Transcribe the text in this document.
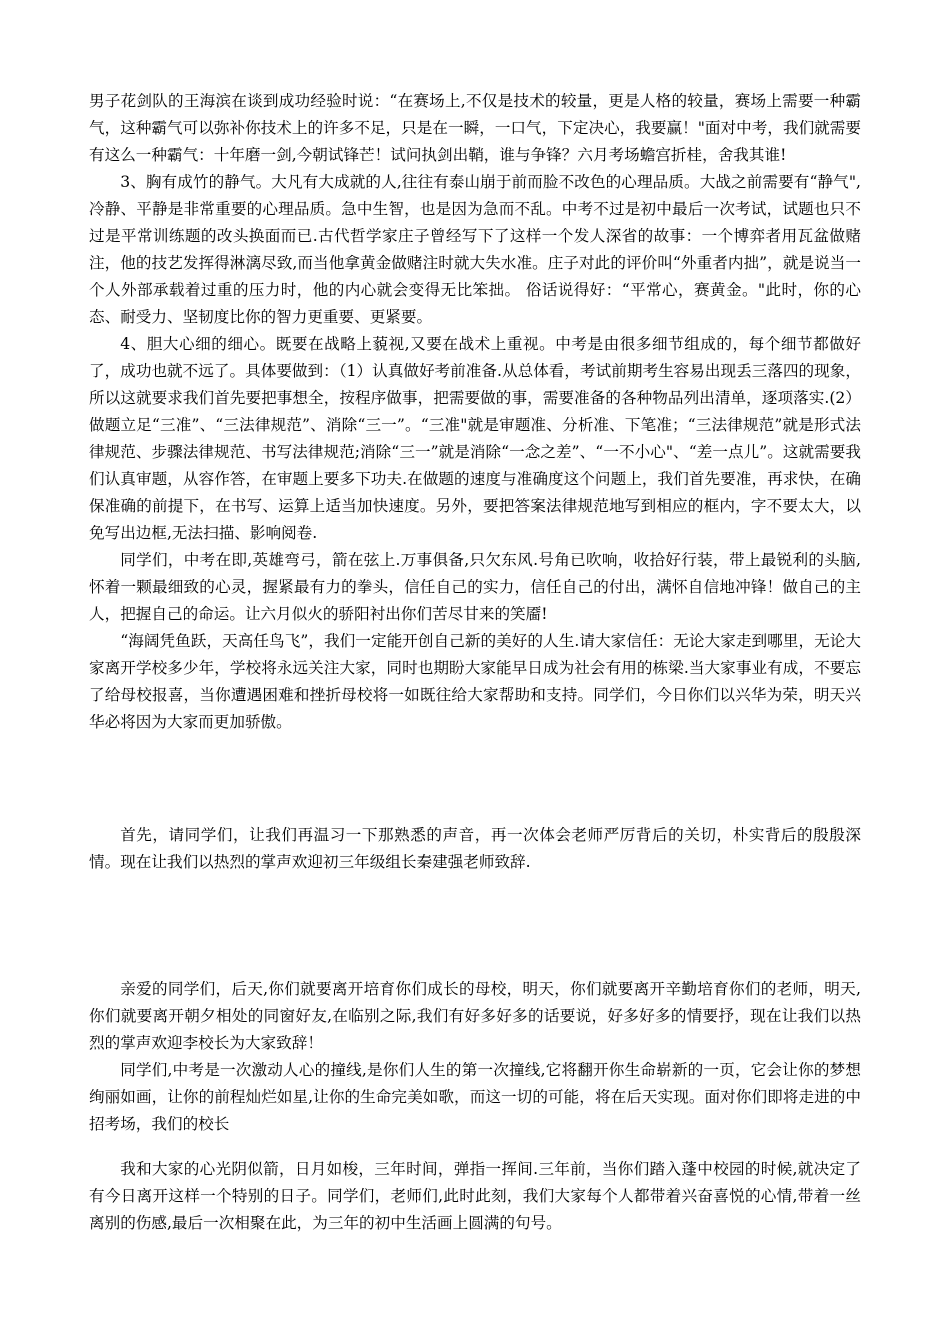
男子花剑队的王海滨在谈到成功经验时说：“在赛场上,不仅是技术的较量，更是人格的较量，赛场上需要一种霸气，这种霸气可以弥补你技术上的许多不足，只是在一瞬，一口气，下定决心，我要赢！"面对中考，我们就需要有这么一种霸气：十年磨一剑,今朝试锋芒！试问执剑出鞘，谁与争锋？六月考场蟾宫折桂，舍我其谁!

3、胸有成竹的静气。大凡有大成就的人,往往有泰山崩于前而脸不改色的心理品质。大战之前需要有“静气",冷静、平静是非常重要的心理品质。急中生智，也是因为急而不乱。中考不过是初中最后一次考试，试题也只不过是平常训练题的改头换面而已.古代哲学家庄子曾经写下了这样一个发人深省的故事：一个博弈者用瓦盆做赌注，他的技艺发挥得淋漓尽致,而当他拿黄金做赌注时就大失水准。庄子对此的评价叫“外重者内拙”，就是说当一个人外部承载着过重的压力时，他的内心就会变得无比笨拙。 俗话说得好：“平常心，赛黄金。"此时，你的心态、耐受力、坚韧度比你的智力更重要、更紧要。

4、胆大心细的细心。既要在战略上藐视,又要在战术上重视。中考是由很多细节组成的，每个细节都做好了，成功也就不远了。具体要做到：（1）认真做好考前准备.从总体看，考试前期考生容易出现丢三落四的现象，所以这就要求我们首先要把事想全，按程序做事，把需要做的事，需要准备的各种物品列出清单，逐项落实.(2）做题立足“三准”、“三法律规范”、消除“三一”。“三准"就是审题准、分析准、下笔准；“三法律规范”就是形式法律规范、步骤法律规范、书写法律规范;消除“三一”就是消除“一念之差”、“一不小心"、“差一点儿”。这就需要我们认真审题，从容作答，在审题上要多下功夫.在做题的速度与准确度这个问题上，我们首先要准，再求快，在确保准确的前提下，在书写、运算上适当加快速度。另外，要把答案法律规范地写到相应的框内，字不要太大，以免写出边框,无法扫描、影响阅卷.

同学们，中考在即,英雄弯弓，箭在弦上.万事俱备,只欠东风.号角已吹响，收拾好行装，带上最锐利的头脑,怀着一颗最细致的心灵，握紧最有力的拳头，信任自己的实力，信任自己的付出，满怀自信地冲锋！做自己的主人，把握自己的命运。让六月似火的骄阳衬出你们苦尽甘来的笑靥!

“海阔凭鱼跃，天高任鸟飞”，我们一定能开创自己新的美好的人生.请大家信任：无论大家走到哪里，无论大家离开学校多少年，学校将永远关注大家，同时也期盼大家能早日成为社会有用的栋梁.当大家事业有成，不要忘了给母校报喜，当你遭遇困难和挫折母校将一如既往给大家帮助和支持。同学们，今日你们以兴华为荣，明天兴华必将因为大家而更加骄傲。

首先，请同学们，让我们再温习一下那熟悉的声音，再一次体会老师严厉背后的关切，朴实背后的殷殷深情。现在让我们以热烈的掌声欢迎初三年级组长秦建强老师致辞.

亲爱的同学们，后天,你们就要离开培育你们成长的母校，明天，你们就要离开辛勤培育你们的老师，明天,你们就要离开朝夕相处的同窗好友,在临别之际,我们有好多好多的话要说，好多好多的情要抒，现在让我们以热烈的掌声欢迎李校长为大家致辞！

同学们,中考是一次激动人心的撞线,是你们人生的第一次撞线,它将翻开你生命崭新的一页，它会让你的梦想绚丽如画，让你的前程灿烂如星,让你的生命完美如歌，而这一切的可能，将在后天实现。面对你们即将走进的中招考场，我们的校长

我和大家的心光阴似箭，日月如梭，三年时间，弹指一挥间.三年前，当你们踏入蓬中校园的时候,就决定了有今日离开这样一个特别的日子。同学们，老师们,此时此刻，我们大家每个人都带着兴奋喜悦的心情,带着一丝离别的伤感,最后一次相聚在此，为三年的初中生活画上圆满的句号。
